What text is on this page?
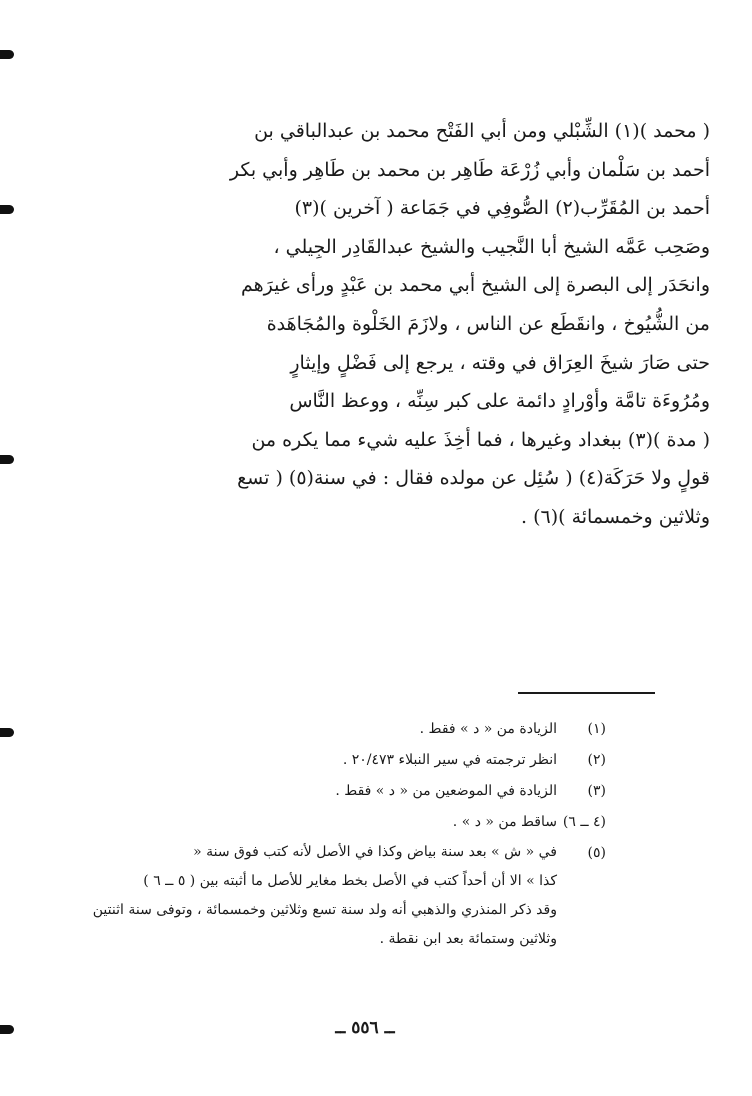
( محمد )(١) الشِّبْلي ومن أبي الفَتْح محمد بن عبدالباقي بن
أحمد بن سَلْمان وأبي زُرْعَة طَاهِر بن محمد بن طَاهِر وأبي بكر
أحمد بن المُقَرِّب(٢) الصُّوفِي في جَمَاعة ( آخرين )(٣)
وصَحِب عَمَّه الشيخ أبا النَّجيب والشيخ عبدالقَادِر الجِيلي ،
وانحَدَر إلى البصرة إلى الشيخ أبي محمد بن عَبْدٍ ورأى غيرَهم
من الشُّيُوخ ، وانقَطَع عن الناس ، ولازَمَ الخَلْوة والمُجَاهَدة
حتى صَارَ شيخَ العِرَاق في وقته ، يرجع إلى فَضْلٍ وإيثارٍ
ومُرُوءَة تامَّة وأوْرادٍ دائمة على كبر سِنِّه ، ووعظ النَّاس
( مدة )(٣) ببغداد وغيرها ، فما أخِذَ عليه شيء مما يكره من
قولٍ ولا حَرَكَة(٤) ( سُئِل عن مولده فقال : في سنة(٥) ( تسع
وثلاثين وخمسمائة )(٦) .
(١)
الزيادة من « د » فقط .
(٢)
انظر ترجمته في سير النبلاء ٢٠/٤٧٣ .
(٣)
الزيادة في الموضعين من « د » فقط .
(٤ ــ ٦)
ساقط من « د » .
(٥)
في « ش » بعد سنة بياض وكذا في الأصل لأنه كتب فوق سنة «
كذا » الا أن أحداً كتب في الأصل بخط مغاير للأصل ما أثبته بين ( ٥ ــ ٦ )
وقد ذكر المنذري والذهبي أنه ولد سنة تسع وثلاثين وخمسمائة ، وتوفى سنة اثنتين
وثلاثين وستمائة بعد ابن نقطة .
ــ ٥٥٦ ــ
